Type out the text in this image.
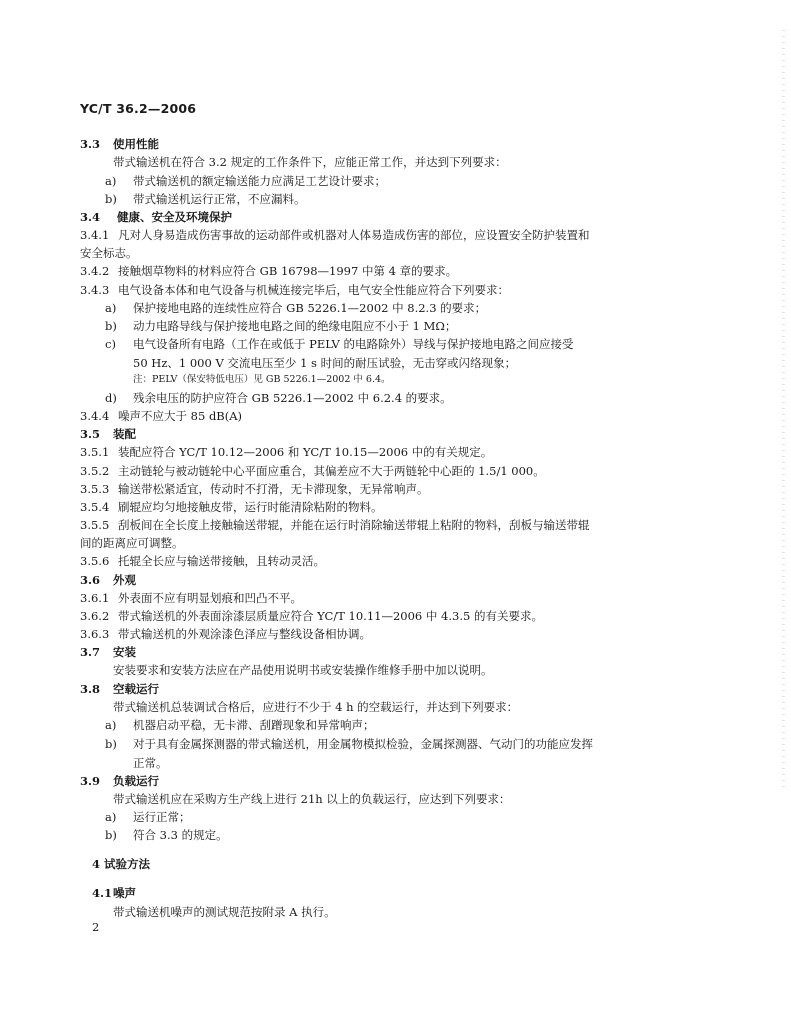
YC/T 36.2—2006
3.3 使用性能
带式输送机在符合 3.2 规定的工作条件下，应能正常工作，并达到下列要求：
a) 带式输送机的额定输送能力应满足工艺设计要求；
b) 带式输送机运行正常，不应漏料。
3.4 健康、安全及环境保护
3.4.1 凡对人身易造成伤害事故的运动部件或机器对人体易造成伤害的部位，应设置安全防护装置和
安全标志。
3.4.2 接触烟草物料的材料应符合 GB 16798—1997 中第 4 章的要求。
3.4.3 电气设备本体和电气设备与机械连接完毕后，电气安全性能应符合下列要求：
a) 保护接地电路的连续性应符合 GB 5226.1—2002 中 8.2.3 的要求；
b) 动力电路导线与保护接地电路之间的绝缘电阻应不小于 1 MΩ；
c) 电气设备所有电路（工作在或低于 PELV 的电路除外）导线与保护接地电路之间应接受
50 Hz、1 000 V 交流电压至少 1 s 时间的耐压试验，无击穿或闪络现象；
注：PELV（保安特低电压）见 GB 5226.1—2002 中 6.4。
d) 残余电压的防护应符合 GB 5226.1—2002 中 6.2.4 的要求。
3.4.4 噪声不应大于 85 dB(A)
3.5 装配
3.5.1 装配应符合 YC/T 10.12—2006 和 YC/T 10.15—2006 中的有关规定。
3.5.2 主动链轮与被动链轮中心平面应重合，其偏差应不大于两链轮中心距的 1.5/1 000。
3.5.3 输送带松紧适宜，传动时不打滑，无卡滞现象，无异常响声。
3.5.4 刷辊应均匀地接触皮带，运行时能清除粘附的物料。
3.5.5 刮板间在全长度上接触输送带辊，并能在运行时消除输送带辊上粘附的物料，刮板与输送带辊
间的距离应可调整。
3.5.6 托辊全长应与输送带接触，且转动灵活。
3.6 外观
3.6.1 外表面不应有明显划痕和凹凸不平。
3.6.2 带式输送机的外表面涂漆层质量应符合 YC/T 10.11—2006 中 4.3.5 的有关要求。
3.6.3 带式输送机的外观涂漆色泽应与整线设备相协调。
3.7 安装
安装要求和安装方法应在产品使用说明书或安装操作维修手册中加以说明。
3.8 空载运行
带式输送机总装调试合格后，应进行不少于 4 h 的空载运行，并达到下列要求：
a) 机器启动平稳，无卡滞、刮蹭现象和异常响声；
b) 对于具有金属探测器的带式输送机，用金属物模拟检验，金属探测器、气动门的功能应发挥
正常。
3.9 负载运行
带式输送机应在采购方生产线上进行 21h 以上的负载运行，应达到下列要求：
a) 运行正常；
b) 符合 3.3 的规定。
4 试验方法
4.1 噪声
带式输送机噪声的测试规范按附录 A 执行。
2
